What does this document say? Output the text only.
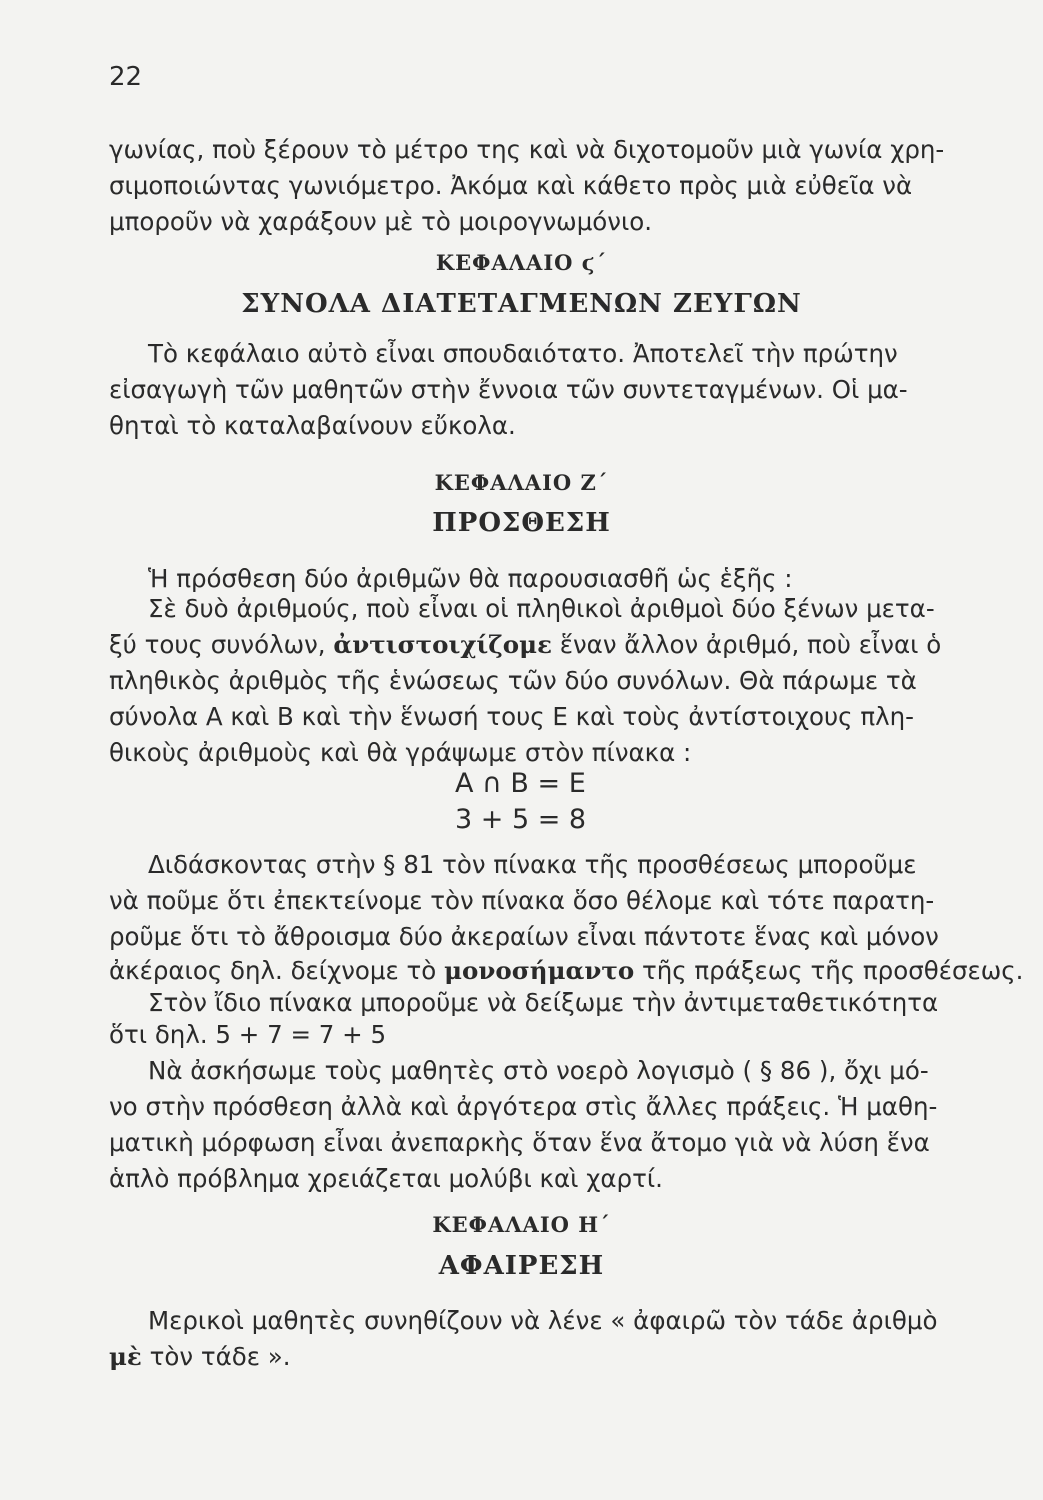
22
γωνίας, ποὺ ξέρουν τὸ μέτρο της καὶ νὰ διχοτομοῦν μιὰ γωνία χρη-
σιμοποιώντας γωνιόμετρο. Ἀκόμα καὶ κάθετο πρὸς μιὰ εὐθεῖα νὰ
μποροῦν νὰ χαράξουν μὲ τὸ μοιρογνωμόνιο.
ΚΕΦΑΛΑΙΟ ϛ΄
ΣΥΝΟΛΑ ΔΙΑΤΕΤΑΓΜΕΝΩΝ ΖΕΥΓΩΝ
Τὸ κεφάλαιο αὐτὸ εἶναι σπουδαιότατο. Ἀποτελεῖ τὴν πρώτην
εἰσαγωγὴ τῶν μαθητῶν στὴν ἔννοια τῶν συντεταγμένων. Οἱ μα-
θηταὶ τὸ καταλαβαίνουν εὔκολα.
ΚΕΦΑΛΑΙΟ Ζ΄
ΠΡΟΣΘΕΣΗ
Ἡ πρόσθεση δύο ἀριθμῶν θὰ παρουσιασθῆ ὡς ἑξῆς :
Σὲ δυὸ ἀριθμούς, ποὺ εἶναι οἱ πληθικοὶ ἀριθμοὶ δύο ξένων μετα-
ξύ τους συνόλων, ἀντιστοιχίζομε ἕναν ἄλλον ἀριθμό, ποὺ εἶναι ὁ
πληθικὸς ἀριθμὸς τῆς ἑνώσεως τῶν δύο συνόλων. Θὰ πάρωμε τὰ
σύνολα Α καὶ Β καὶ τὴν ἕνωσή τους Ε καὶ τοὺς ἀντίστοιχους πλη-
θικοὺς ἀριθμοὺς καὶ θὰ γράψωμε στὸν πίνακα :
Α ∩ Β = Ε
3 + 5 = 8
Διδάσκοντας στὴν § 81 τὸν πίνακα τῆς προσθέσεως μποροῦμε
νὰ ποῦμε ὅτι ἐπεκτείνομε τὸν πίνακα ὅσο θέλομε καὶ τότε παρατη-
ροῦμε ὅτι τὸ ἄθροισμα δύο ἀκεραίων εἶναι πάντοτε ἕνας καὶ μόνον
ἀκέραιος δηλ. δείχνομε τὸ μονοσήμαντο τῆς πράξεως τῆς προσθέσεως.
Στὸν ἴδιο πίνακα μποροῦμε νὰ δείξωμε τὴν ἀντιμεταθετικότητα
ὅτι δηλ. 5 + 7 = 7 + 5
Νὰ ἀσκήσωμε τοὺς μαθητὲς στὸ νοερὸ λογισμὸ ( § 86 ), ὄχι μό-
νο στὴν πρόσθεση ἀλλὰ καὶ ἀργότερα στὶς ἄλλες πράξεις. Ἡ μαθη-
ματικὴ μόρφωση εἶναι ἀνεπαρκὴς ὅταν ἕνα ἄτομο γιὰ νὰ λύση ἕνα
ἁπλὸ πρόβλημα χρειάζεται μολύβι καὶ χαρτί.
ΚΕΦΑΛΑΙΟ Η΄
ΑΦΑΙΡΕΣΗ
Μερικοὶ μαθητὲς συνηθίζουν νὰ λένε « ἀφαιρῶ τὸν τάδε ἀριθμὸ
μὲ τὸν τάδε ».
